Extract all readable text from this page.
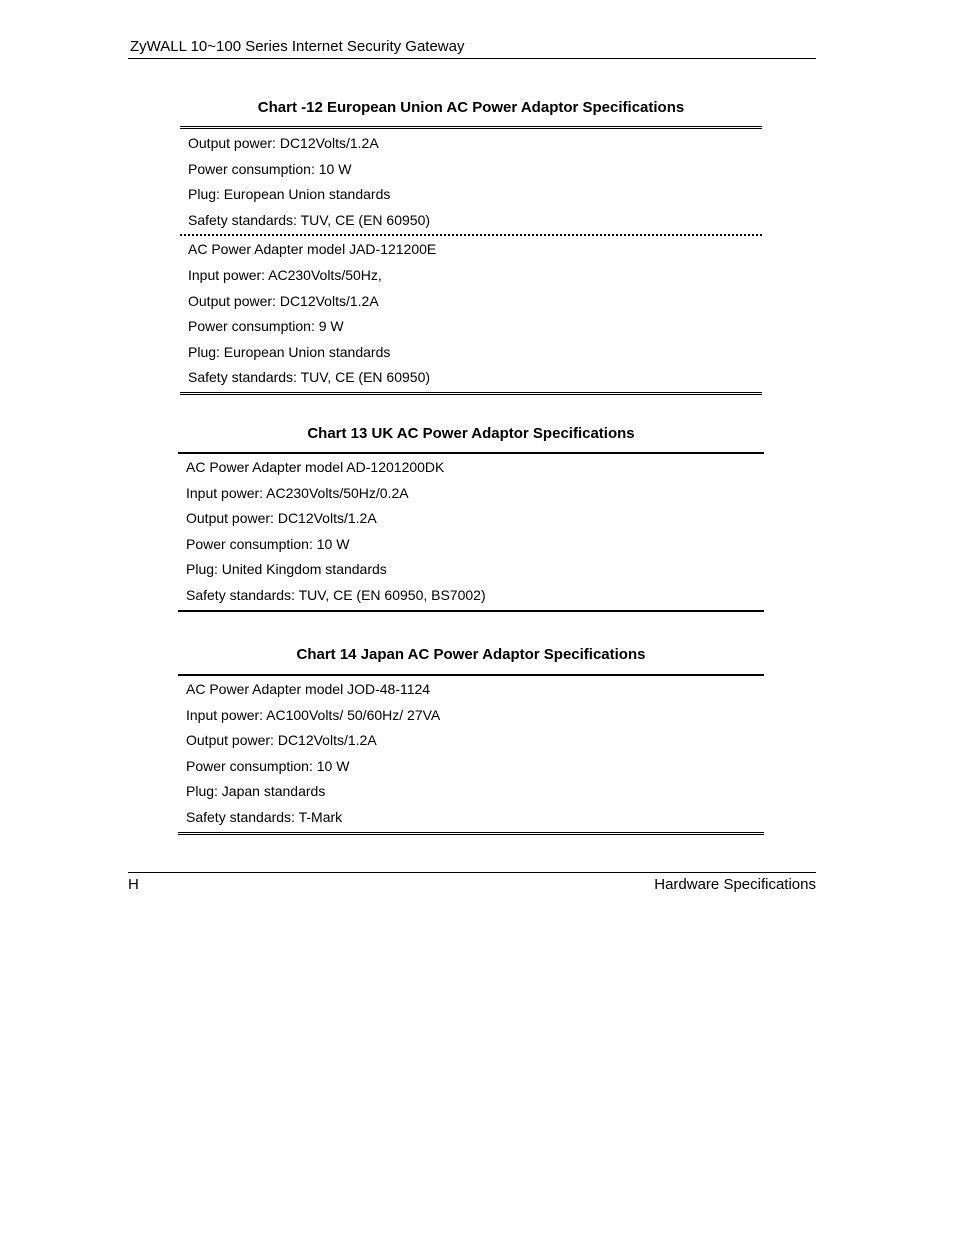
ZyWALL 10~100 Series Internet Security Gateway
Chart -12 European Union AC Power Adaptor Specifications
Output power: DC12Volts/1.2A
Power consumption: 10 W
Plug: European Union standards
Safety standards: TUV, CE (EN 60950)
AC Power Adapter model JAD-121200E
Input power: AC230Volts/50Hz,
Output power: DC12Volts/1.2A
Power consumption: 9 W
Plug: European Union standards
Safety standards: TUV, CE (EN 60950)
Chart 13 UK AC Power Adaptor Specifications
AC Power Adapter model AD-1201200DK
Input power: AC230Volts/50Hz/0.2A
Output power: DC12Volts/1.2A
Power consumption: 10 W
Plug: United Kingdom standards
Safety standards: TUV, CE (EN 60950, BS7002)
Chart 14 Japan AC Power Adaptor Specifications
AC Power Adapter model JOD-48-1124
Input power: AC100Volts/ 50/60Hz/ 27VA
Output power: DC12Volts/1.2A
Power consumption: 10 W
Plug: Japan standards
Safety standards: T-Mark
H	Hardware Specifications
